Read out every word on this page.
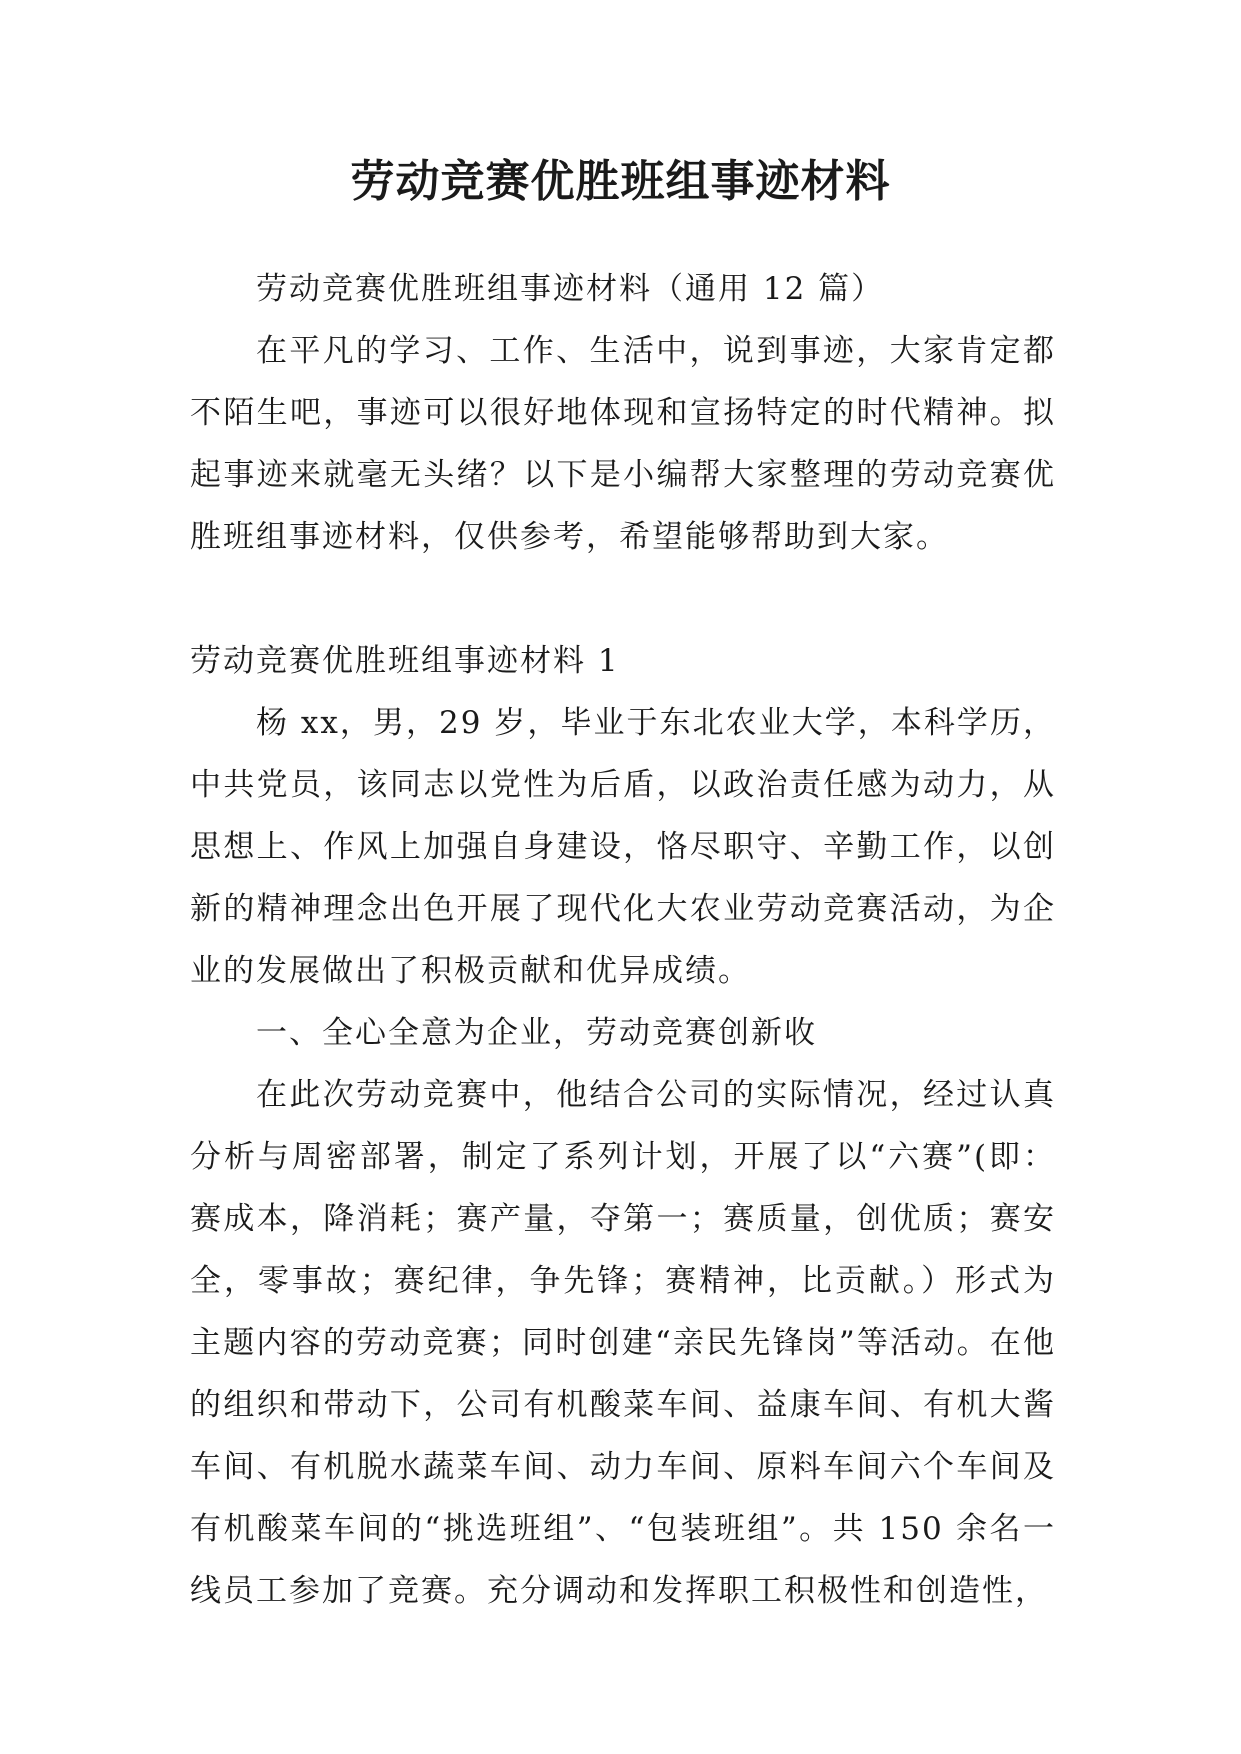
劳动竞赛优胜班组事迹材料

劳动竞赛优胜班组事迹材料（通用 12 篇）

在平凡的学习、工作、生活中，说到事迹，大家肯定都不陌生吧，事迹可以很好地体现和宣扬特定的时代精神。拟起事迹来就毫无头绪？以下是小编帮大家整理的劳动竞赛优胜班组事迹材料，仅供参考，希望能够帮助到大家。

劳动竞赛优胜班组事迹材料 1

杨 xx，男，29 岁，毕业于东北农业大学，本科学历，中共党员，该同志以党性为后盾，以政治责任感为动力，从思想上、作风上加强自身建设，恪尽职守、辛勤工作，以创新的精神理念出色开展了现代化大农业劳动竞赛活动，为企业的发展做出了积极贡献和优异成绩。

一、全心全意为企业，劳动竞赛创新收

在此次劳动竞赛中，他结合公司的实际情况，经过认真分析与周密部署，制定了系列计划，开展了以“六赛”(即：赛成本，降消耗；赛产量，夺第一；赛质量，创优质；赛安全，零事故；赛纪律，争先锋；赛精神，比贡献。）形式为主题内容的劳动竞赛；同时创建“亲民先锋岗”等活动。在他的组织和带动下，公司有机酸菜车间、益康车间、有机大酱车间、有机脱水蔬菜车间、动力车间、原料车间六个车间及有机酸菜车间的“挑选班组”、“包装班组”。共 150 余名一线员工参加了竞赛。充分调动和发挥职工积极性和创造性，
